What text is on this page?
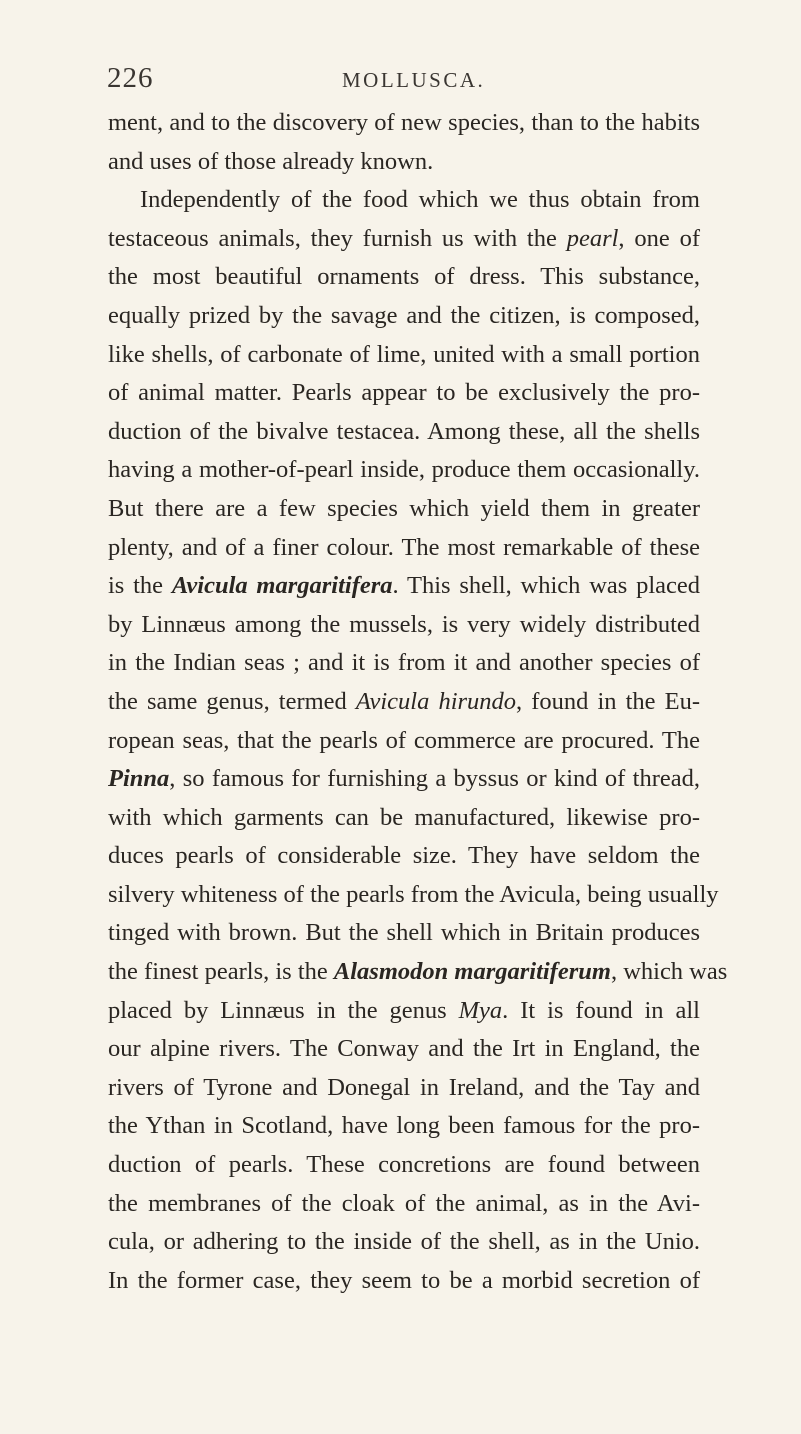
226	MOLLUSCA.
ment, and to the discovery of new species, than to the habits
and uses of those already known.
Independently of the food which we thus obtain from
testaceous animals, they furnish us with the pearl, one of
the most beautiful ornaments of dress. This substance,
equally prized by the savage and the citizen, is composed,
like shells, of carbonate of lime, united with a small portion
of animal matter. Pearls appear to be exclusively the pro-
duction of the bivalve testacea. Among these, all the shells
having a mother-of-pearl inside, produce them occasionally.
But there are a few species which yield them in greater
plenty, and of a finer colour. The most remarkable of these
is the Avicula margaritifera. This shell, which was placed
by Linnæus among the mussels, is very widely distributed
in the Indian seas ; and it is from it and another species of
the same genus, termed Avicula hirundo, found in the Eu-
ropean seas, that the pearls of commerce are procured. The
Pinna, so famous for furnishing a byssus or kind of thread,
with which garments can be manufactured, likewise pro-
duces pearls of considerable size. They have seldom the
silvery whiteness of the pearls from the Avicula, being usually
tinged with brown. But the shell which in Britain produces
the finest pearls, is the Alasmodon margaritiferum, which was
placed by Linnæus in the genus Mya. It is found in all
our alpine rivers. The Conway and the Irt in England, the
rivers of Tyrone and Donegal in Ireland, and the Tay and
the Ythan in Scotland, have long been famous for the pro-
duction of pearls. These concretions are found between
the membranes of the cloak of the animal, as in the Avi-
cula, or adhering to the inside of the shell, as in the Unio.
In the former case, they seem to be a morbid secretion of
